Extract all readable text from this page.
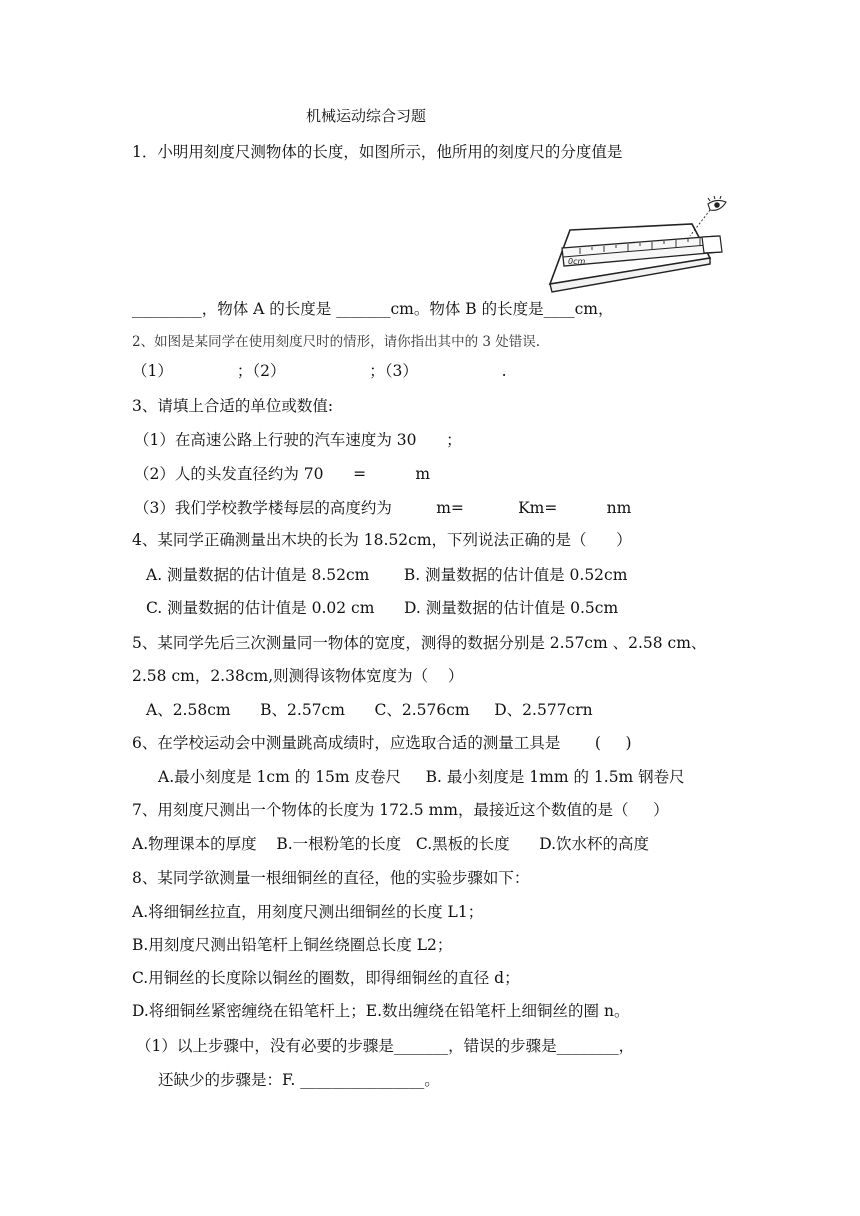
机械运动综合习题
1．小明用刻度尺测物体的长度，如图所示，他所用的刻度尺的分度值是
0cm
_________，物体 A 的长度是 _______cm。物体 B 的长度是____cm，
2、如图是某同学在使用刻度尺时的情形，请你指出其中的 3 处错误.
（1）             ；（2）                 ；（3）                 .
3、请填上合适的单位或数值:
（1）在高速公路上行驶的汽车速度为 30      ；
（2）人的头发直径约为 70      =          m
（3）我们学校教学楼每层的高度约为         m=           Km=          nm
4、某同学正确测量出木块的长为 18.52cm，下列说法正确的是（      ）
A. 测量数据的估计值是 8.52cm       B. 测量数据的估计值是 0.52cm
C. 测量数据的估计值是 0.02 cm      D. 测量数据的估计值是 0.5cm
5、某同学先后三次测量同一物体的宽度，测得的数据分别是 2.57cm 、2.58 cm、
2.58 cm，2.38cm,则测得该物体宽度为（    ）
A、2.58cm      B、2.57cm      C、2.576cm     D、2.577crn
6、在学校运动会中测量跳高成绩时，应选取合适的测量工具是       (     )
A.最小刻度是 1cm 的 15m 皮卷尺     B. 最小刻度是 1mm 的 1.5m 钢卷尺
7、用刻度尺测出一个物体的长度为 172.5 mm，最接近这个数值的是（     ）
A.物理课本的厚度    B.一根粉笔的长度   C.黑板的长度      D.饮水杯的高度
8、某同学欲测量一根细铜丝的直径，他的实验步骤如下：
A.将细铜丝拉直，用刻度尺测出细铜丝的长度 L1；
B.用刻度尺测出铅笔杆上铜丝绕圈总长度 L2；
C.用铜丝的长度除以铜丝的圈数，即得细铜丝的直径 d；
D.将细铜丝紧密缠绕在铅笔杆上；E.数出缠绕在铅笔杆上细铜丝的圈 n。
（1）以上步骤中，没有必要的步骤是_______，错误的步骤是________，
还缺少的步骤是：F. ________________。
